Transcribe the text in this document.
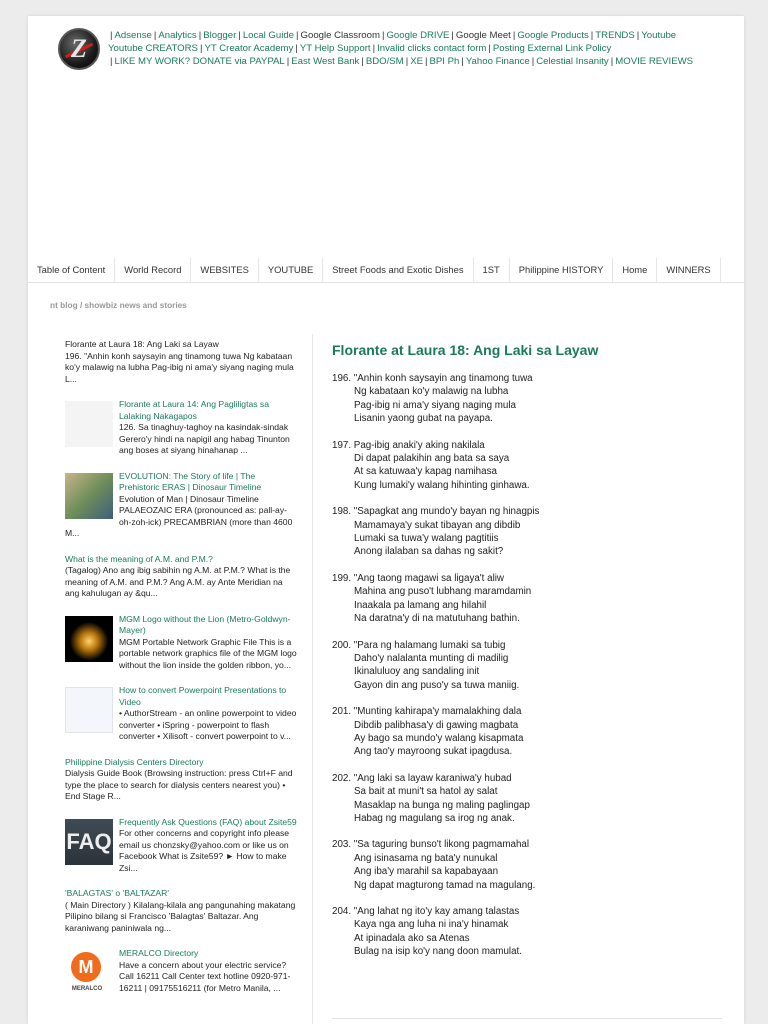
Z	| Adsense | Analytics | Blogger | Local Guide | Google Classroom | Google DRIVE | Google Meet | Google Products | TRENDS | Youtube
Youtube CREATORS | YT Creator Academy | YT Help Support | Invalid clicks contact form | Posting External Link Policy
| LIKE MY WORK? DONATE via PAYPAL | East West Bank | BDO/SM | XE | BPI Ph | Yahoo Finance | Celestial Insanity | MOVIE REVIEWS
Table of Content	World Record	WEBSITES	YOUTUBE	Street Foods and Exotic Dishes	1ST	Philippine HISTORY	Home	WINNERS
nt blog / showbiz news and stories
Florante at Laura 18: Ang Laki sa Layaw
196. "Anhin konh saysayin ang tinamong tuwa Ng kabataan ko'y malawig na lubha Pag-ibig ni ama'y siyang naging mula L...
Florante at Laura 14: Ang Pagliligtas sa Lalaking Nakagapos
126. Sa tinaghuy-taghoy na kasindak-sindak Gerero'y hindi na napigil ang habag Tinunton ang boses at siyang hinahanap ...
EVOLUTION: The Story of life | The Prehistoric ERAS | Dinosaur Timeline
Evolution of Man | Dinosaur Timeline PALAEOZAIC ERA (pronounced as: pall-ay-oh-zoh-ick) PRECAMBRIAN (more than 4600 M...
What is the meaning of A.M. and P.M.?
(Tagalog) Ano ang ibig sabihin ng A.M. at P.M.? What is the meaning of A.M. and P.M.? Ang A.M. ay Ante Meridian na ang kahulugan ay &qu...
MGM Logo without the Lion (Metro-Goldwyn-Mayer)
MGM Portable Network Graphic File This is a portable network graphics file of the MGM logo without the lion inside the golden ribbon, yo...
How to convert Powerpoint Presentations to Video
• AuthorStream - an online powerpoint to video converter • iSpring - powerpoint to flash converter • Xilisoft - convert powerpoint to v...
Philippine Dialysis Centers Directory
Dialysis Guide Book (Browsing instruction: press Ctrl+F and type the place to search for dialysis centers nearest you) • End Stage R...
FAQ
Frequently Ask Questions (FAQ) about Zsite59
For other concerns and copyright info please email us chonzsky@yahoo.com or like us on Facebook What is Zsite59? ► How to make Zsi...
'BALAGTAS' o 'BALTAZAR'
( Main Directory ) Kilalang-kilala ang pangunahing makatang Pilipino bilang si Francisco 'Balagtas' Baltazar. Ang karaniwang paniniwala ng...
M
MERALCO
MERALCO Directory
Have a concern about your electric service? Call 16211 Call Center text hotline 0920-971-16211 | 09175516211 (for Metro Manila, ...
Florante at Laura 18: Ang Laki sa Layaw
196. "Anhin konh saysayin ang tinamong tuwa
Ng kabataan ko'y malawig na lubha
Pag-ibig ni ama'y siyang naging mula
Lisanin yaong gubat na payapa.
197. Pag-ibig anaki'y aking nakilala
Di dapat palakihin ang bata sa saya
At sa katuwaa'y kapag namihasa
Kung lumaki'y walang hihinting ginhawa.
198. "Sapagkat ang mundo'y bayan ng hinagpis
Mamamaya'y sukat tibayan ang dibdib
Lumaki sa tuwa'y walang pagtitiis
Anong ilalaban sa dahas ng sakit?
199. "Ang taong magawi sa ligaya't aliw
Mahina ang puso't lubhang maramdamin
Inaakala pa lamang ang hilahil
Na daratna'y di na matutuhang bathin.
200. "Para ng halamang lumaki sa tubig
Daho'y nalalanta munting di madilig
Ikinaluluoy ang sandaling init
Gayon din ang puso'y sa tuwa maniig.
201. "Munting kahirapa'y mamalakhing dala
Dibdib palibhasa'y di gawing magbata
Ay bago sa mundo'y walang kisapmata
Ang tao'y mayroong sukat ipagdusa.
202. "Ang laki sa layaw karaniwa'y hubad
Sa bait at muni't sa hatol ay salat
Masaklap na bunga ng maling paglingap
Habag ng magulang sa irog ng anak.
203. "Sa taguring bunso't likong pagmamahal
Ang isinasama ng bata'y nunukal
Ang iba'y marahil sa kapabayaan
Ng dapat magturong tamad na magulang.
204. "Ang lahat ng ito'y kay amang talastas
Kaya nga ang luha ni ina'y hinamak
At ipinadala ako sa Atenas
Bulag na isip ko'y nang doon mamulat.
